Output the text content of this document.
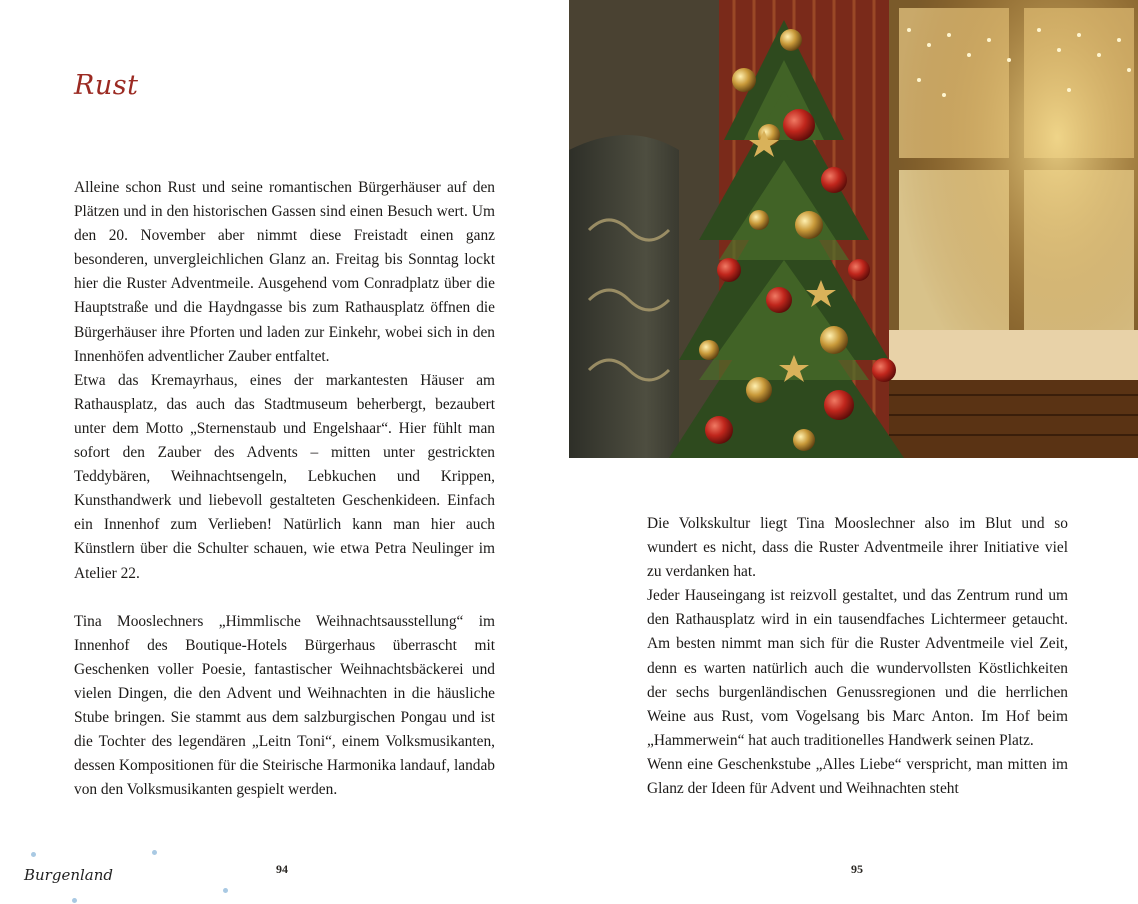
Rust

Alleine schon Rust und seine romantischen Bürgerhäuser auf den Plätzen und in den historischen Gassen sind einen Besuch wert. Um den 20. November aber nimmt diese Freistadt einen ganz besonderen, unvergleichlichen Glanz an. Freitag bis Sonntag lockt hier die Ruster Adventmeile. Ausgehend vom Conradplatz über die Hauptstraße und die Haydngasse bis zum Rathausplatz öffnen die Bürgerhäuser ihre Pforten und laden zur Einkehr, wobei sich in den Innenhöfen adventlicher Zauber entfaltet.

Etwa das Kremayrhaus, eines der markantesten Häuser am Rathausplatz, das auch das Stadtmuseum beherbergt, bezaubert unter dem Motto „Sternenstaub und Engelshaar“. Hier fühlt man sofort den Zauber des Advents – mitten unter gestrickten Teddybären, Weihnachtsengeln, Lebkuchen und Krippen, Kunsthandwerk und liebevoll gestalteten Geschenkideen. Einfach ein Innenhof zum Verlieben! Natürlich kann man hier auch Künstlern über die Schulter schauen, wie etwa Petra Neulinger im Atelier 22.

Tina Mooslechners „Himmlische Weihnachtsausstellung“ im Innenhof des Boutique-Hotels Bürgerhaus überrascht mit Geschenken voller Poesie, fantastischer Weihnachtsbäckerei und vielen Dingen, die den Advent und Weihnachten in die häusliche Stube bringen. Sie stammt aus dem salzburgischen Pongau und ist die Tochter des legendären „Leitn Toni“, einem Volksmusikanten, dessen Kompositionen für die Steirische Harmonika landauf, landab von den Volksmusikanten gespielt werden.

Burgenland	94

Die Volkskultur liegt Tina Mooslechner also im Blut und so wundert es nicht, dass die Ruster Adventmeile ihrer Initiative viel zu verdanken hat.

Jeder Hauseingang ist reizvoll gestaltet, und das Zentrum rund um den Rathausplatz wird in ein tausendfaches Lichtermeer getaucht. Am besten nimmt man sich für die Ruster Adventmeile viel Zeit, denn es warten natürlich auch die wundervollsten Köstlichkeiten der sechs burgenländischen Genussregionen und die herrlichen Weine aus Rust, vom Vogelsang bis Marc Anton. Im Hof beim „Hammerwein“ hat auch traditionelles Handwerk seinen Platz.

Wenn eine Geschenkstube „Alles Liebe“ verspricht, man mitten im Glanz der Ideen für Advent und Weihnachten steht

95
